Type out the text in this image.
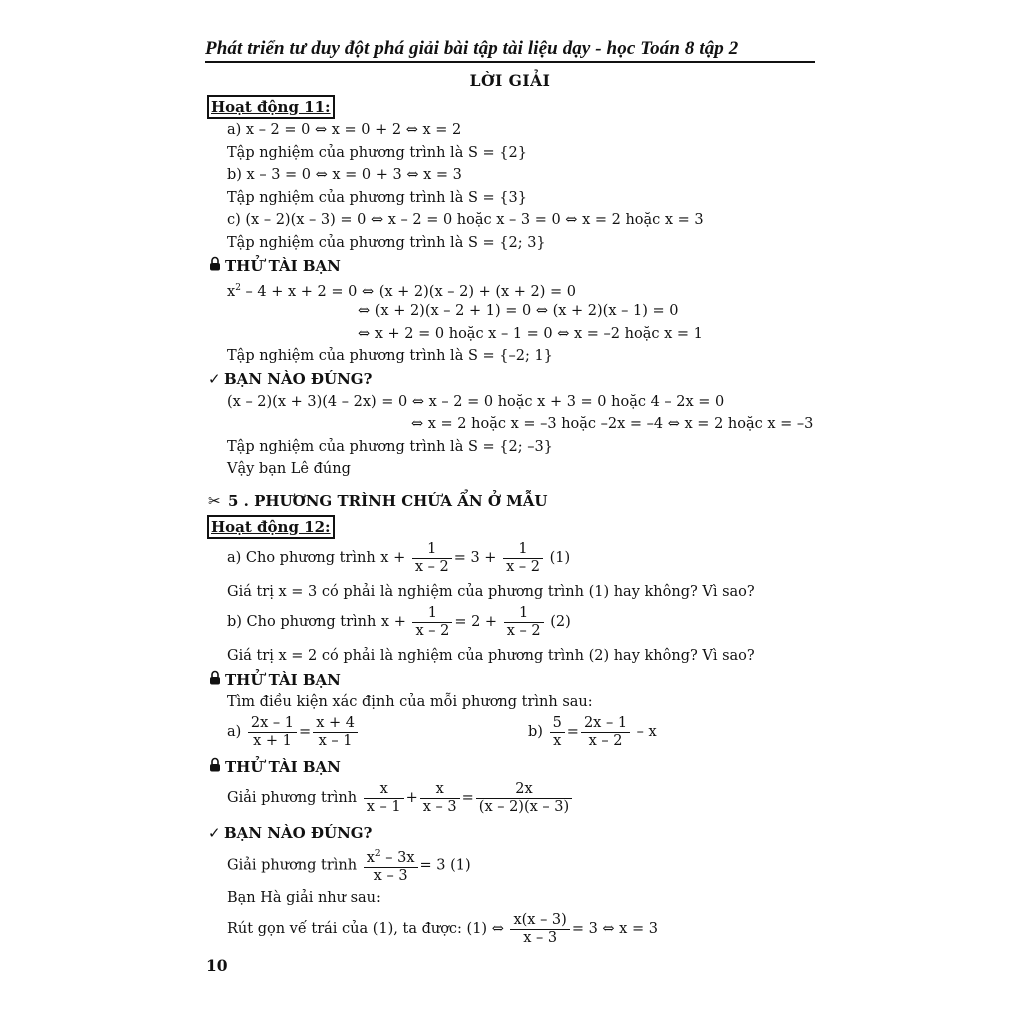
Phát triển tư duy đột phá giải bài tập tài liệu dạy - học Toán 8 tập 2
LỜI GIẢI
Hoạt động 11:
a) x – 2 = 0 ⇔ x = 0 + 2 ⇔ x = 2
Tập nghiệm của phương trình là S = {2}
b) x – 3 = 0 ⇔ x = 0 + 3 ⇔ x = 3
Tập nghiệm của phương trình là S = {3}
c) (x – 2)(x – 3) = 0 ⇔ x – 2 = 0 hoặc x – 3 = 0 ⇔ x = 2 hoặc x = 3
Tập nghiệm của phương trình là S = {2; 3}
THỬ TÀI BẠN
$x^2 - 4 + x + 2 = 0$ ⇔ (x + 2)(x – 2) + (x + 2) = 0
⇔ (x + 2)(x – 2 + 1) = 0 ⇔ (x + 2)(x – 1) = 0
⇔ x + 2 = 0 hoặc x – 1 = 0 ⇔ x = –2 hoặc x = 1
Tập nghiệm của phương trình là S = {–2; 1}
✓ BẠN NÀO ĐÚNG?
(x – 2)(x + 3)(4 – 2x) = 0 ⇔ x – 2 = 0 hoặc x + 3 = 0 hoặc 4 – 2x = 0
⇔ x = 2 hoặc x = –3 hoặc –2x = –4 ⇔ x = 2 hoặc x = –3
Tập nghiệm của phương trình là S = {2; –3}
Vậy bạn Lê đúng
✂ 5 . PHƯƠNG TRÌNH CHỨA ẨN Ở MẪU
Hoạt động 12:
a) Cho phương trình $x + \frac{1}{x - 2} = 3 + \frac{1}{x - 2} (1)$
Giá trị x = 3 có phải là nghiệm của phương trình (1) hay không? Vì sao?
b) Cho phương trình $x + \frac{1}{x - 2} = 2 + \frac{1}{x - 2} (2)$
Giá trị x = 2 có phải là nghiệm của phương trình (2) hay không? Vì sao?
THỬ TÀI BẠN
Tìm điều kiện xác định của mỗi phương trình sau:
$a) \frac{2x - 1}{x + 1} = \frac{x + 4}{x - 1}$	$b) \frac{5}{x} = \frac{2x - 1}{x - 2} - x$
THỬ TÀI BẠN
Giải phương trình $\frac{x}{x - 1} + \frac{x}{x - 3} = \frac{2x}{(x - 2)(x - 3)}$
✓ BẠN NÀO ĐÚNG?
Giải phương trình $\frac{x^2 - 3x}{x - 3} = 3$ (1)
Bạn Hà giải như sau:
Rút gọn vế trái của (1), ta được: (1) ⇔ $\frac{x(x - 3)}{x - 3} = 3$ ⇔ x = 3
10
